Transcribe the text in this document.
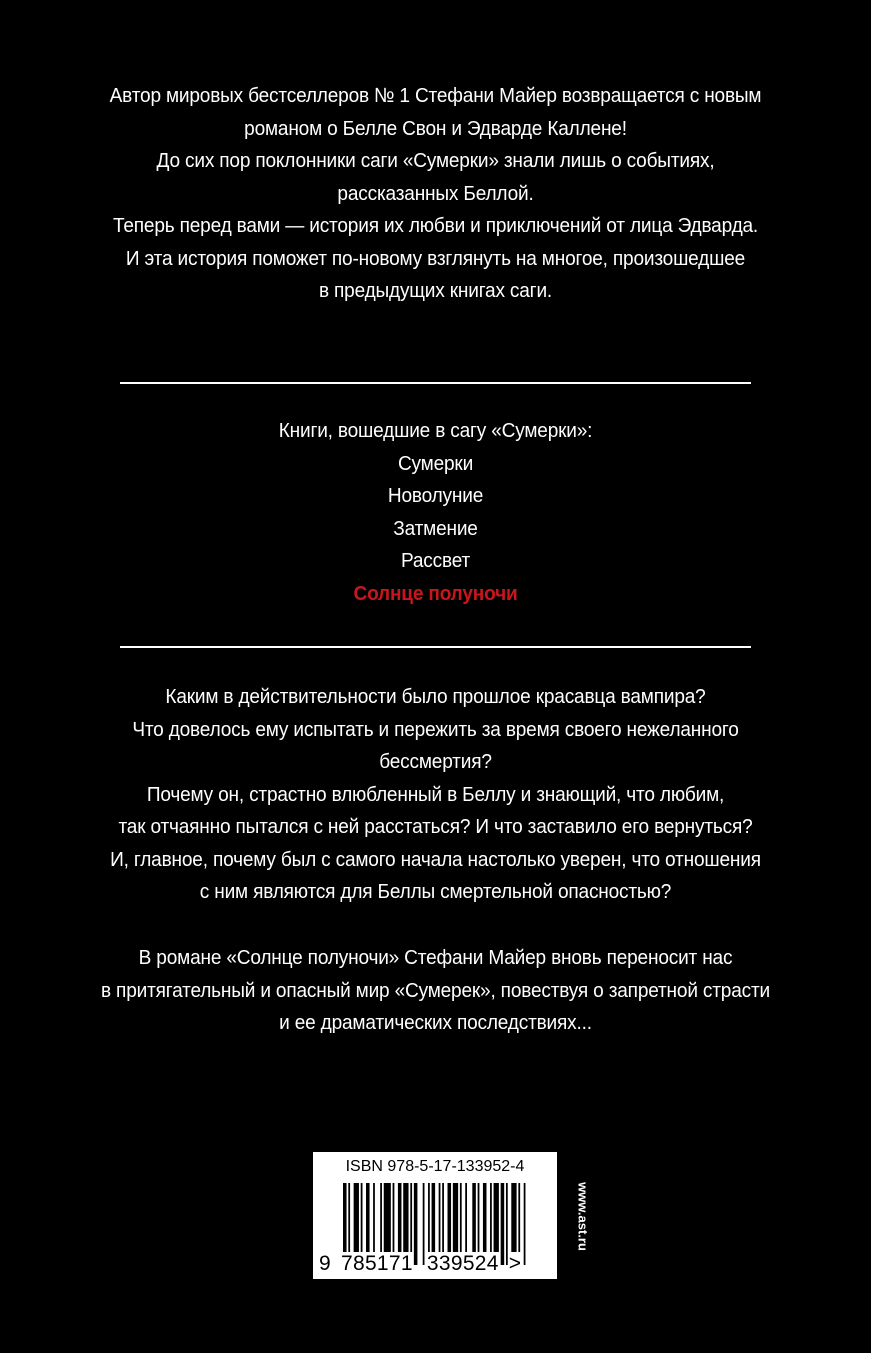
Автор мировых бестселлеров № 1 Стефани Майер возвращается с новым
романом о Белле Свон и Эдварде Каллене!
До сих пор поклонники саги «Сумерки» знали лишь о событиях,
рассказанных Беллой.
Теперь перед вами — история их любви и приключений от лица Эдварда.
И эта история поможет по-новому взглянуть на многое, произошедшее
в предыдущих книгах саги.
Книги, вошедшие в сагу «Сумерки»:
Сумерки
Новолуние
Затмение
Рассвет
Солнце полуночи
Каким в действительности было прошлое красавца вампира?
Что довелось ему испытать и пережить за время своего нежеланного
бессмертия?
Почему он, страстно влюбленный в Беллу и знающий, что любим,
так отчаянно пытался с ней расстаться? И что заставило его вернуться?
И, главное, почему был с самого начала настолько уверен, что отношения
с ним являются для Беллы смертельной опасностью?
В романе «Солнце полуночи» Стефани Майер вновь переносит нас
в притягательный и опасный мир «Сумерек», повествуя о запретной страсти
и ее драматических последствиях...
ISBN 978-5-17-133952-4
9 785171 339524 >
www.ast.ru
